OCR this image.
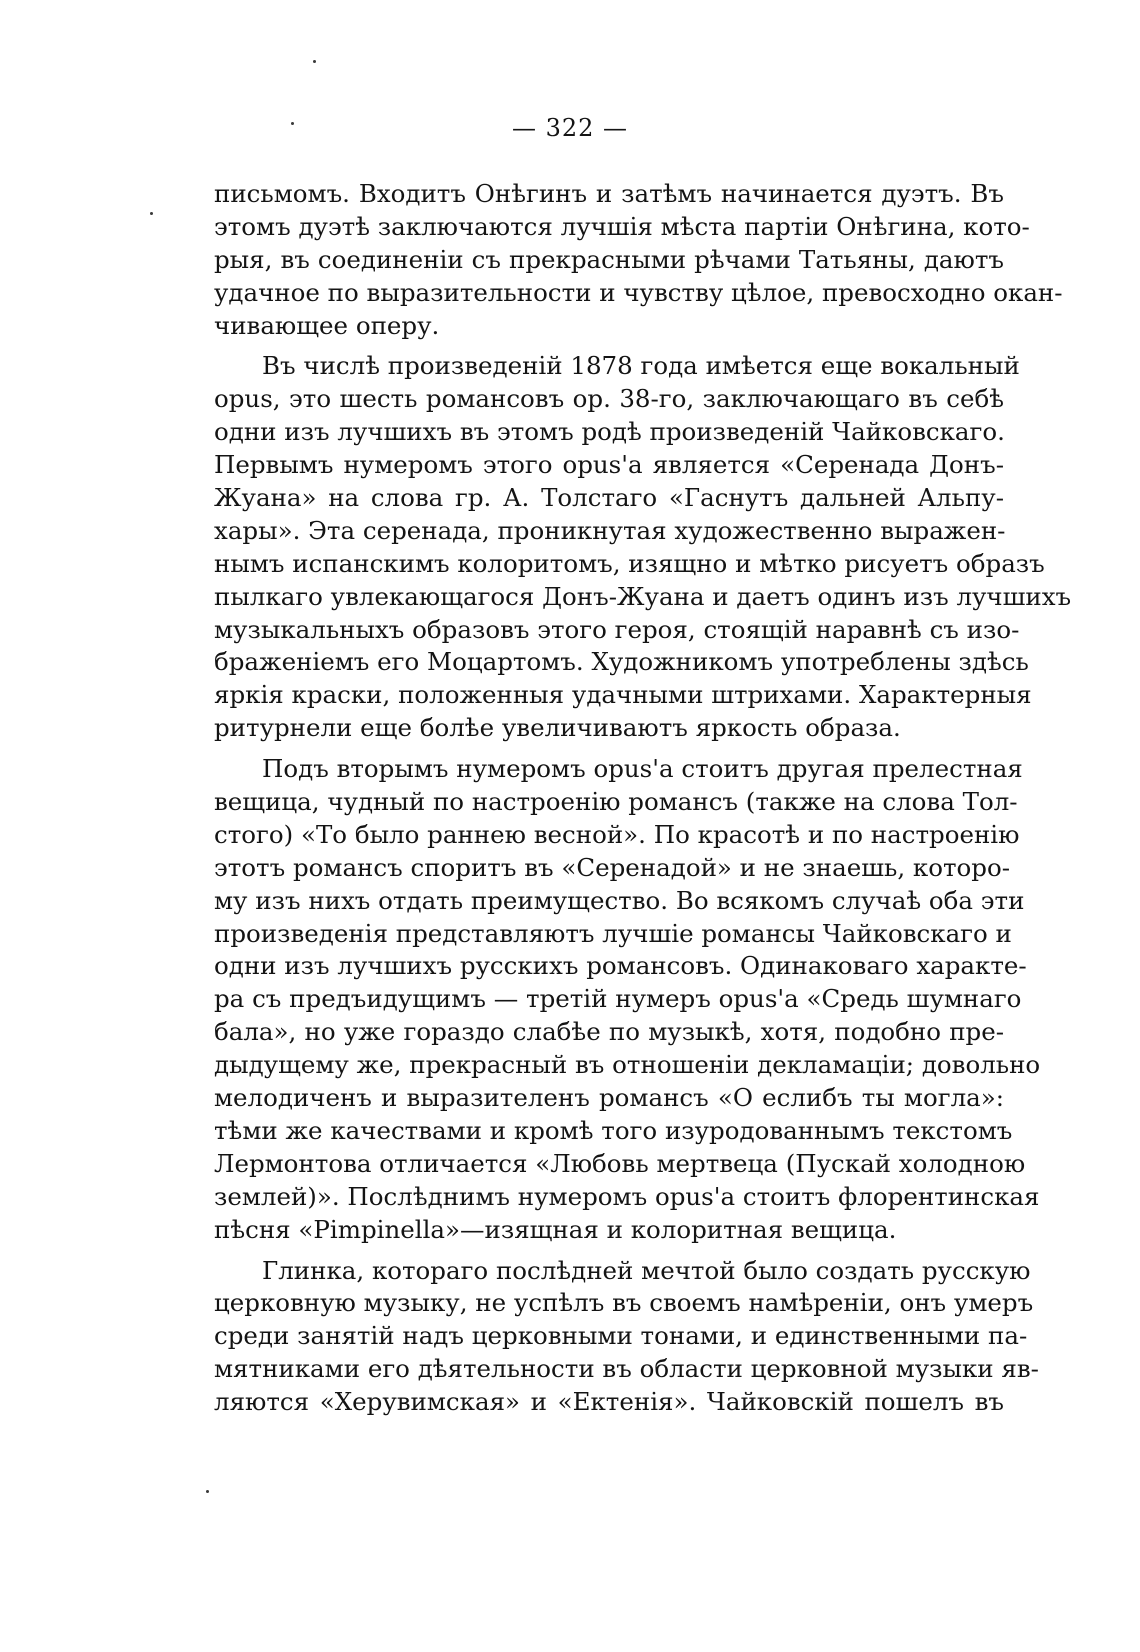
— 322 —
письмомъ. Входитъ Онѣгинъ и затѣмъ начинается дуэтъ. Въ
этомъ дуэтѣ заключаются лучшія мѣста партіи Онѣгина, кото-
рыя, въ соединеніи съ прекрасными рѣчами Татьяны, даютъ
удачное по выразительности и чувству цѣлое, превосходно окан-
чивающее оперу.
Въ числѣ произведеній 1878 года имѣется еще вокальный
opus, это шесть романсовъ ор. 38-го, заключающаго въ себѣ
одни изъ лучшихъ въ этомъ родѣ произведеній Чайковскаго.
Первымъ нумеромъ этого opus'а является «Серенада Донъ-
Жуана» на слова гр. А. Толстаго «Гаснутъ дальней Альпу-
хары». Эта серенада, проникнутая художественно выражен-
нымъ испанскимъ колоритомъ, изящно и мѣтко рисуетъ образъ
пылкаго увлекающагося Донъ-Жуана и даетъ одинъ изъ лучшихъ
музыкальныхъ образовъ этого героя, стоящій наравнѣ съ изо-
браженіемъ его Моцартомъ. Художникомъ употреблены здѣсь
яркія краски, положенныя удачными штрихами. Характерныя
ритурнели еще болѣе увеличиваютъ яркость образа.
Подъ вторымъ нумеромъ opus'а стоитъ другая прелестная
вещица, чудный по настроенію романсъ (также на слова Тол-
стого) «То было раннею весной». По красотѣ и по настроенію
этотъ романсъ споритъ въ «Серенадой» и не знаешь, которо-
му изъ нихъ отдать преимущество. Во всякомъ случаѣ оба эти
произведенія представляютъ лучшіе романсы Чайковскаго и
одни изъ лучшихъ русскихъ романсовъ. Одинаковаго характе-
ра съ предъидущимъ — третій нумеръ opus'а «Средь шумнаго
бала», но уже гораздо слабѣе по музыкѣ, хотя, подобно пре-
дыдущему же, прекрасный въ отношеніи декламаціи; довольно
мелодиченъ и выразителенъ романсъ «О еслибъ ты могла»:
тѣми же качествами и кромѣ того изуродованнымъ текстомъ
Лермонтова отличается «Любовь мертвеца (Пускай холодною
землей)». Послѣднимъ нумеромъ opus'а стоитъ флорентинская
пѣсня «Pimpinella»—изящная и колоритная вещица.
Глинка, котораго послѣдней мечтой было создать русскую
церковную музыку, не успѣлъ въ своемъ намѣреніи, онъ умеръ
среди занятій надъ церковными тонами, и единственными па-
мятниками его дѣятельности въ области церковной музыки яв-
ляются «Херувимская» и «Ектенія». Чайковскій пошелъ въ
